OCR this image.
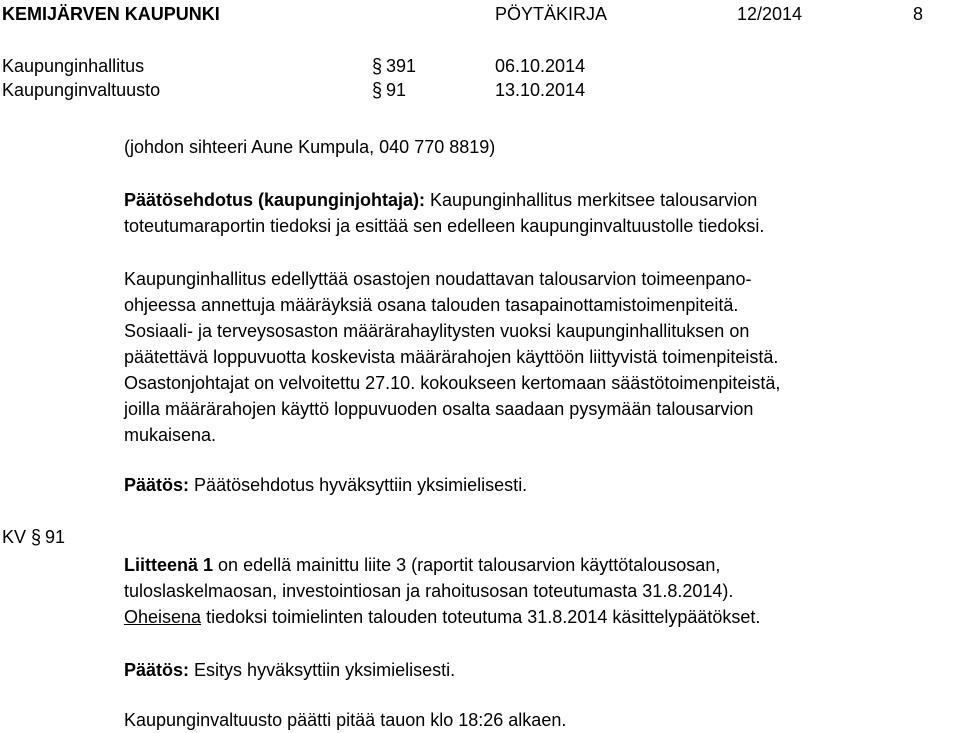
KEMIJÄRVEN KAUPUNKI	PÖYTÄKIRJA	12/2014	8
Kaupunginhallitus	§ 391	06.10.2014
Kaupunginvaltuusto	§ 91	13.10.2014

(johdon sihteeri Aune Kumpula, 040 770 8819)

Päätösehdotus (kaupunginjohtaja): Kaupunginhallitus merkitsee talousarvion

toteutumaraportin tiedoksi ja esittää sen edelleen kaupunginvaltuustolle tiedoksi.

Kaupunginhallitus edellyttää osastojen noudattavan talousarvion toimeenpano-

ohjeessa annettuja määräyksiä osana talouden tasapainottamistoimenpiteitä.

Sosiaali- ja terveysosaston määrärahaylitysten vuoksi kaupunginhallituksen on

päätettävä loppuvuotta koskevista määrärahojen käyttöön liittyvistä toimenpiteistä.

Osastonjohtajat on velvoitettu 27.10. kokoukseen kertomaan säästötoimenpiteistä,

joilla määrärahojen käyttö loppuvuoden osalta saadaan pysymään talousarvion

mukaisena.

Päätös: Päätösehdotus hyväksyttiin yksimielisesti.

KV § 91

Liitteenä 1 on edellä mainittu liite 3 (raportit talousarvion käyttötalousosan,

tuloslaskelmaosan, investointiosan ja rahoitusosan toteutumasta 31.8.2014).

Oheisena tiedoksi toimielinten talouden toteutuma 31.8.2014 käsittelypäätökset.

Päätös: Esitys hyväksyttiin yksimielisesti.

Kaupunginvaltuusto päätti pitää tauon klo 18:26 alkaen.
